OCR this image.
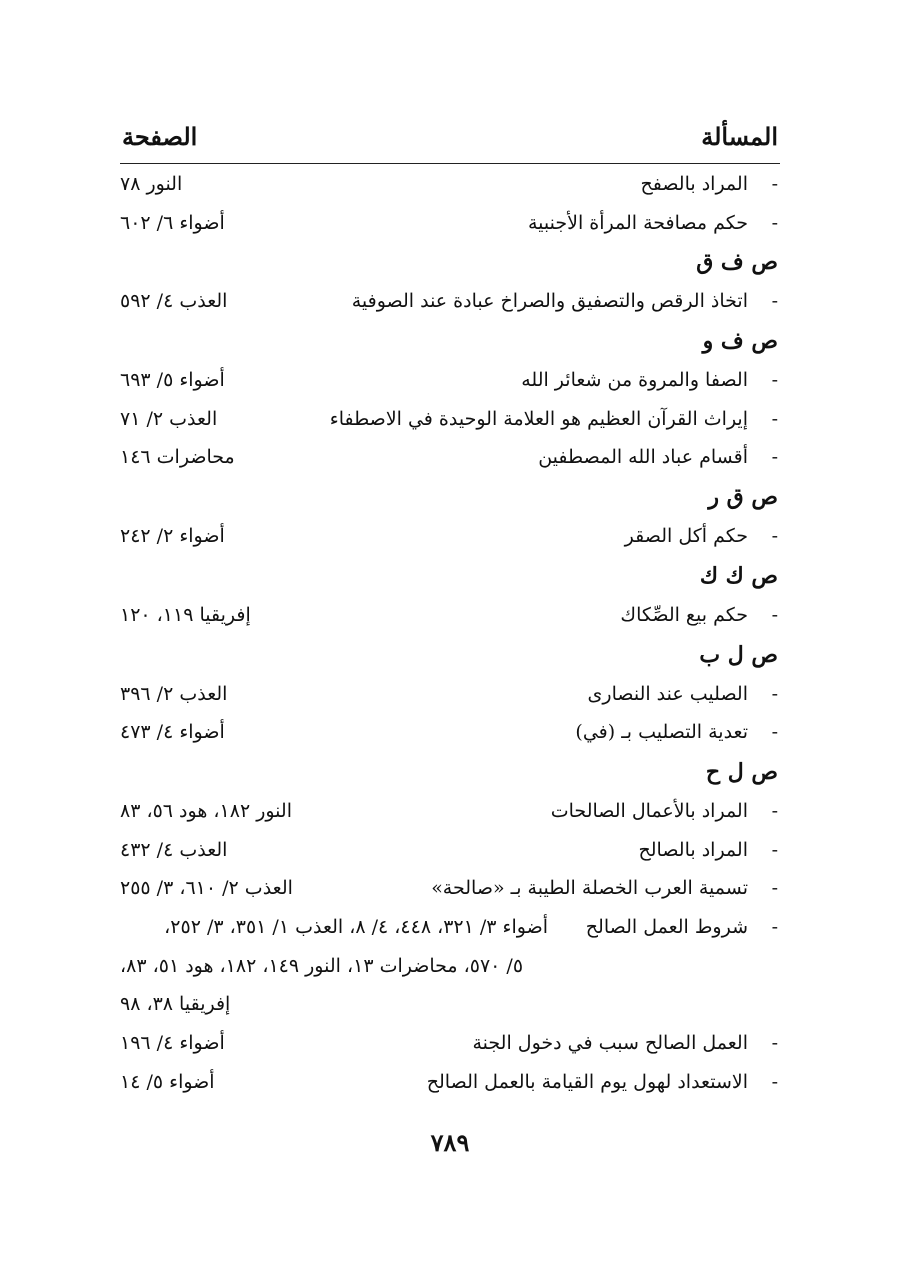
المسألة
الصفحة
-
المراد بالصفح
النور ٧٨
-
حكم مصافحة المرأة الأجنبية
أضواء ٦/ ٦٠٢
ص ف ق
-
اتخاذ الرقص والتصفيق والصراخ عبادة عند الصوفية
العذب ٤/ ٥٩٢
ص ف و
-
الصفا والمروة من شعائر الله
أضواء ٥/ ٦٩٣
-
إيراث القرآن العظيم هو العلامة الوحيدة في الاصطفاء
العذب ٢/ ٧١
-
أقسام عباد الله المصطفين
محاضرات ١٤٦
ص ق ر
-
حكم أكل الصقر
أضواء ٢/ ٢٤٢
ص ك ك
-
حكم بيع الصِّكاك
إفريقيا ١١٩، ١٢٠
ص ل ب
-
الصليب عند النصارى
العذب ٢/ ٣٩٦
-
تعدية التصليب بـ (في)
أضواء ٤/ ٤٧٣
ص ل ح
-
المراد بالأعمال الصالحات
النور ١٨٢، هود ٥٦، ٨٣
-
المراد بالصالح
العذب ٤/ ٤٣٢
-
تسمية العرب الخصلة الطيبة بـ «صالحة»
العذب ٢/ ٦١٠، ٣/ ٢٥٥
-
شروط العمل الصالح
أضواء ٣/ ٣٢١، ٤٤٨، ٤/ ٨، العذب ١/ ٣٥١، ٣/ ٢٥٢،
٥/ ٥٧٠، محاضرات ١٣، النور ١٤٩، ١٨٢، هود ٥١، ٨٣،
إفريقيا ٣٨، ٩٨
-
العمل الصالح سبب في دخول الجنة
أضواء ٤/ ١٩٦
-
الاستعداد لهول يوم القيامة بالعمل الصالح
أضواء ٥/ ١٤
٧٨٩
